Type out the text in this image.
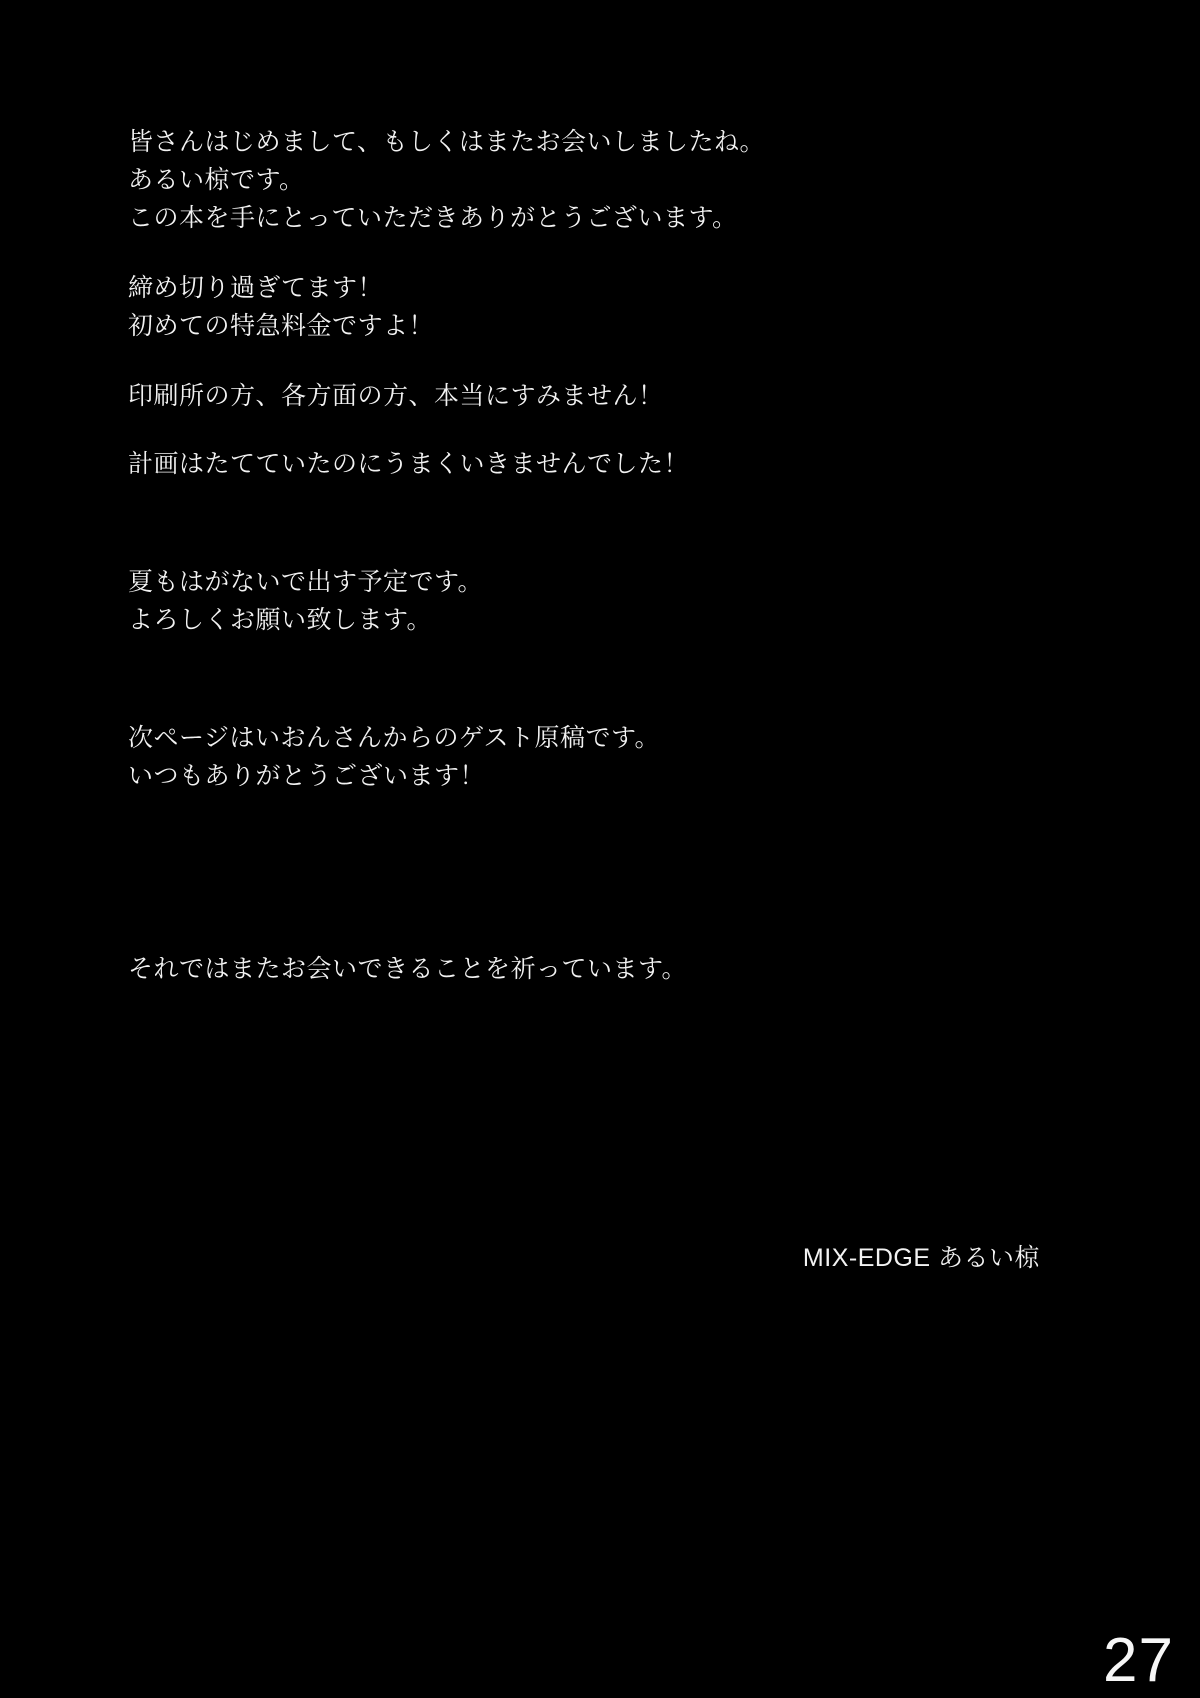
皆さんはじめまして、もしくはまたお会いしましたね。
あるい椋です。
この本を手にとっていただきありがとうございます。
締め切り過ぎてます！
初めての特急料金ですよ！
印刷所の方、各方面の方、本当にすみません！
計画はたてていたのにうまくいきませんでした！
夏もはがないで出す予定です。
よろしくお願い致します。
次ページはいおんさんからのゲスト原稿です。
いつもありがとうございます！
それではまたお会いできることを祈っています。
MIX-EDGE あるい椋
27
